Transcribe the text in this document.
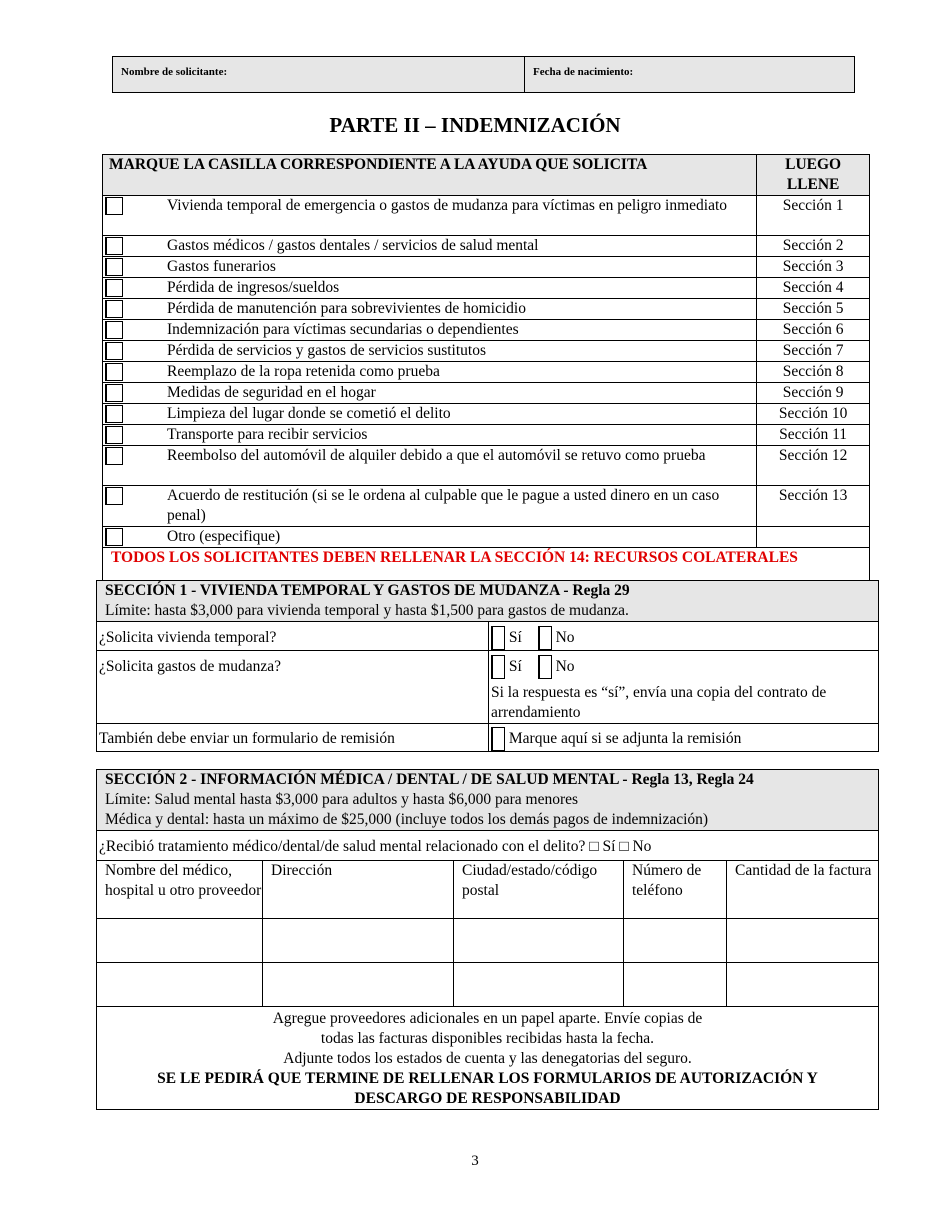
Nombre de solicitante:	Fecha de nacimiento:
PARTE II – INDEMNIZACIÓN
MARQUE LA CASILLA CORRESPONDIENTE A LA AYUDA QUE SOLICITA		LUEGO LLENE

	Vivienda temporal de emergencia o gastos de mudanza para víctimas en peligro inmediato	Sección 1

	Gastos médicos / gastos dentales / servicios de salud mental	Sección 2

	Gastos funerarios	Sección 3

	Pérdida de ingresos/sueldos	Sección 4

	Pérdida de manutención para sobrevivientes de homicidio	Sección 5

	Indemnización para víctimas secundarias o dependientes	Sección 6

	Pérdida de servicios y gastos de servicios sustitutos	Sección 7

	Reemplazo de la ropa retenida como prueba	Sección 8

	Medidas de seguridad en el hogar	Sección 9

	Limpieza del lugar donde se cometió el delito	Sección 10

	Transporte para recibir servicios	Sección 11

	Reembolso del automóvil de alquiler debido a que el automóvil se retuvo como prueba	Sección 12

	Acuerdo de restitución (si se le ordena al culpable que le pague a usted dinero en un caso penal)	Sección 13

	Otro (especifique)	
TODOS LOS SOLICITANTES DEBEN RELLENAR LA SECCIÓN 14: RECURSOS COLATERALES		
SECCIÓN 1 - VIVIENDA TEMPORAL Y GASTOS DE MUDANZA - Regla 29
Límite: hasta $3,000 para vivienda temporal y hasta $1,500 para gastos de mudanza.	

¿Solicita vivienda temporal?	Sí No
¿Solicita gastos de mudanza?	Sí No
Si la respuesta es “sí”, envía una copia del contrato de arrendamiento

También debe enviar un formulario de remisión	Marque aquí si se adjunta la remisión
SECCIÓN 2 - INFORMACIÓN MÉDICA / DENTAL / DE SALUD MENTAL - Regla 13, Regla 24
Límite: Salud mental hasta $3,000 para adultos y hasta $6,000 para menores
Médica y dental: hasta un máximo de $25,000 (incluye todos los demás pagos de indemnización)				

¿Recibió tratamiento médico/dental/de salud mental relacionado con el delito? □ Sí □ No				
Nombre del médico, hospital u otro proveedor	Dirección	Ciudad/estado/código postal	Número de teléfono	Cantidad de la factura

Agregue proveedores adicionales en un papel aparte. Envíe copias de
todas las facturas disponibles recibidas hasta la fecha.
Adjunte todos los estados de cuenta y las denegatorias del seguro.
SE LE PEDIRÁ QUE TERMINE DE RELLENAR LOS FORMULARIOS DE AUTORIZACIÓN Y DESCARGO DE RESPONSABILIDAD				
3
